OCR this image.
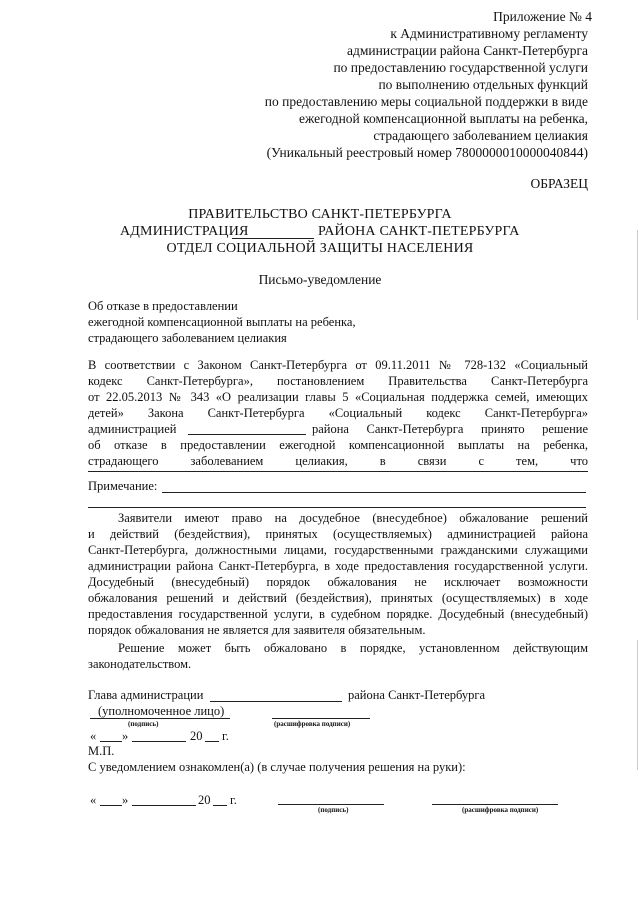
Приложение № 4
к Административному регламенту
администрации района Санкт-Петербурга
по предоставлению государственной услуги
по выполнению отдельных функций
по предоставлению меры социальной поддержки в виде
ежегодной компенсационной выплаты на ребенка,
страдающего заболеванием целиакия
(Уникальный реестровый номер 7800000010000040844)
ОБРАЗЕЦ
ПРАВИТЕЛЬСТВО САНКТ-ПЕТЕРБУРГА
АДМИНИСТРАЦИЯ	РАЙОНА САНКТ-ПЕТЕРБУРГА
ОТДЕЛ СОЦИАЛЬНОЙ ЗАЩИТЫ НАСЕЛЕНИЯ
Письмо-уведомление
Об отказе в предоставлении
ежегодной компенсационной выплаты на ребенка,
страдающего заболеванием целиакия
В соответствии с Законом Санкт-Петербурга от 09.11.2011 № 728-132 «Социальный
кодекс Санкт-Петербурга», постановлением Правительства Санкт-Петербурга
от 22.05.2013 № 343 «О реализации главы 5 «Социальная поддержка семей, имеющих
детей» Закона Санкт-Петербурга «Социальный кодекс Санкт-Петербурга»
администрацией	района Санкт-Петербурга принято решение
об отказе в предоставлении ежегодной компенсационной выплаты на ребенка,
страдающего заболеванием целиакия, в связи с тем, что
Примечание:
Заявители имеют право на досудебное (внесудебное) обжалование решений
и действий (бездействия), принятых (осуществляемых) администрацией района
Санкт-Петербурга, должностными лицами, государственными гражданскими служащими
администрации района Санкт-Петербурга, в ходе предоставления государственной услуги.
Досудебный (внесудебный) порядок обжалования не исключает возможности
обжалования решений и действий (бездействия), принятых (осуществляемых) в ходе
предоставления государственной услуги, в судебном порядке. Досудебный (внесудебный)
порядок обжалования не является для заявителя обязательным.
Решение может быть обжаловано в порядке, установленном действующим
законодательством.
Глава администрации	района Санкт-Петербурга
(уполномоченное лицо)
(подпись)	(расшифровка подписи)
« »	20 г.
М.П.
С уведомлением ознакомлен(а) (в случае получения решения на руки):
« »	20 г.
(подпись)	(расшифровка подписи)
